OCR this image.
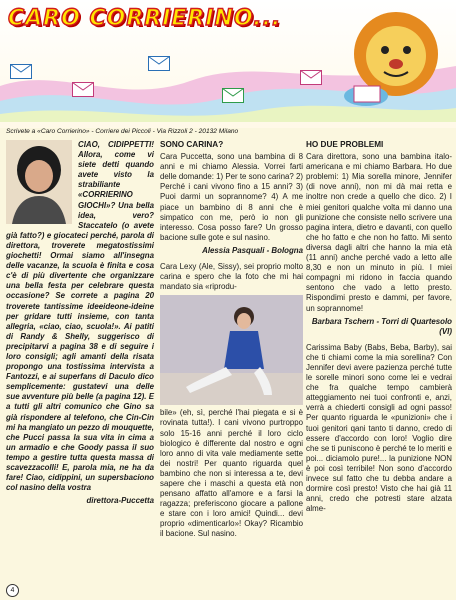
CARO CORRIERINO...
Scrivete a «Caro Corrierino» - Corriere dei Piccoli - Via Rizzoli 2 - 20132 Milano

CIAO, CIDIPPETTI! Allora, come vi siete detti quando avete visto la strabiliante «CORRIERINO GIOCHI»? Una bella idea, vero? Staccatelo (o avete già fatto?) e giocateci perché, parola di direttora, troverete megatostissimi giochetti! Ormai siamo all'insegna delle vacanze, la scuola è finita e cosa c'è di più divertente che organizzare una bella festa per celebrare questa occasione? Se correte a pagina 20 troverete tantissime ideeideone-ideine per gridare tutti insieme, con tanta allegria, «ciao, ciao, scuola!». Ai patiti di Randy & Shelly, suggerisco di precipitarvi a pagina 38 e di seguire i loro consigli; agli amanti della risata propongo una tostissima intervista a Fantozzi, e ai superfans di Daculo dico semplicemente: gustatevi una delle sue avventure più belle (a pagina 12). E a tutti gli altri comunico che Gino sa già rispondere al telefono, che Cin-Cin mi ha mangiato un pezzo di mouquette, che Pucci passa la sua vita in cima a un armadio e che Goody passa il suo tempo a gestire tutta questa massa di scavezzacolli! E, parola mia, ne ha da fare! Ciao, cidippini, un supersbaciono col nasino della vostra

direttora-Puccetta
SONO CARINA?

Cara Puccetta, sono una bambina di 8 anni e mi chiamo Alessia. Vorrei farti delle domande: 1) Per te sono carina? 2) Perché i cani vivono fino a 15 anni? 3) Puoi darmi un soprannome? 4) A me piace un bambino di 8 anni che è simpatico con me, però io non gli interesso. Cosa posso fare? Un grosso bacione sulle gote e sul nasino.

Alessia Pasquali - Bologna

Cara Lexy (Ale, Sissy), sei proprio molto carina e spero che la foto che mi hai mandato sia «riprodu-

bile» (eh, sì, perché l'hai piegata e si è rovinata tutta!). I cani vivono purtroppo solo 15-16 anni perché il loro ciclo biologico è differente dal nostro e ogni loro anno di vita vale mediamente sette dei nostri! Per quanto riguarda quel bambino che non si interessa a te, devi sapere che i maschi a questa età non pensano affatto all'amore e a farsi la ragazza; preferiscono giocare a pallone e stare con i loro amici! Quindi... devi proprio «dimenticarlo»! Okay? Ricambio il bacione. Sul nasino.

HO DUE PROBLEMI

Cara direttora, sono una bambina italo-americana e mi chiamo Barbara. Ho due problemi: 1) Mia sorella minore, Jennifer (di nove anni), non mi dà mai retta e inoltre non crede a quello che dico. 2) I miei genitori qualche volta mi danno una punizione che consiste nello scrivere una pagina intera, dietro e davanti, con quello che ho fatto e che non ho fatto. Mi sento diversa dagli altri che hanno la mia età (11 anni) anche perché vado a letto alle 8,30 e non un minuto in più. I miei compagni mi ridono in faccia quando sentono che vado a letto presto. Rispondimi presto e dammi, per favore, un soprannome!

Barbara Tschern - Torri di Quartesolo (VI)

Carissima Baby (Babs, Beba, Barby), sai che ti chiami come la mia sorellina? Con Jennifer devi avere pazienza perché tutte le sorelle minori sono come lei e vedrai che fra qualche tempo cambierà atteggiamento nei tuoi confronti e, anzi, verrà a chiederti consigli ad ogni passo! Per quanto riguarda le «punizioni» che i tuoi genitori qani tanto ti danno, credo di essere d'accordo con loro! Voglio dire che se ti puniscono è perché te lo meriti e poi... diciamolo pure!... la punizione NON è poi così terribile! Non sono d'accordo invece sul fatto che tu debba andare a dormire così presto! Visto che hai già 11 anni, credo che potresti stare alzata alme-

4
